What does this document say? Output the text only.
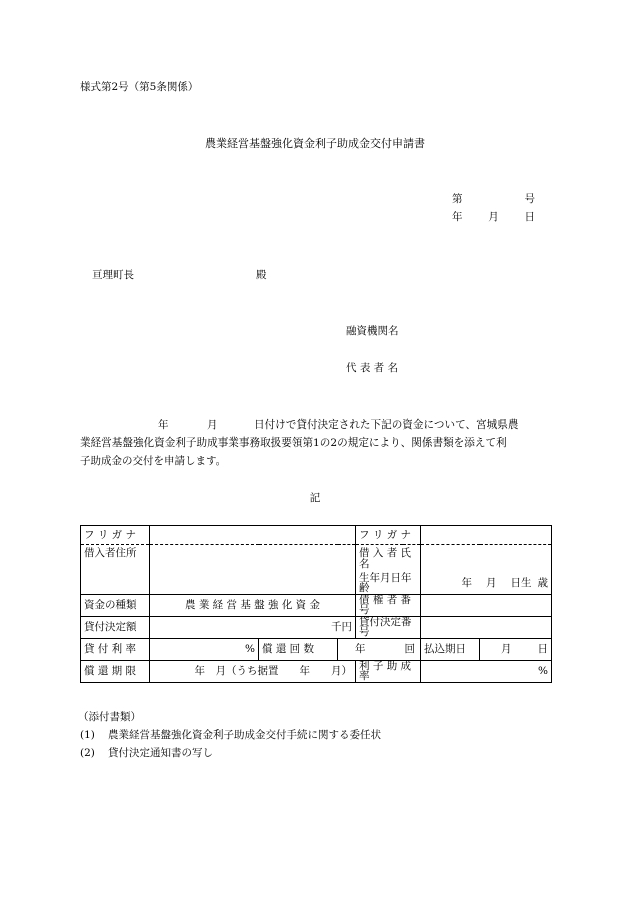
様式第2号（第5条関係）
農業経営基盤強化資金利子助成金交付申請書
第	号
年 月 日
亘理町長	殿
融資機関名
代 表 者 名
年	月	日付けで貸付決定された下記の資金について、宮城県農
業経営基盤強化資金利子助成事業事務取扱要領第1の2の規定により、関係書類を添えて利
子助成金の交付を申請します。
記
フ リ ガ ナ				フ リ ガ ナ		
借入者住所				借 入 者 氏 名		
				生年月日年齢	年 月 日生 歳	

資金の種類	農 業 経 営 基 盤 強 化 資 金			債 権 者 番 号		
貸付決定額	千円			貸付決定番号		
貸 付 利 率	%	償 還 回 数	年 回		払込期日	月 日

償 還 期 限	年　月（うち据置　　年　　月）			利 子 助 成 率	%	
（添付書類）
(1) 農業経営基盤強化資金利子助成金交付手続に関する委任状
(2) 貸付決定通知書の写し
